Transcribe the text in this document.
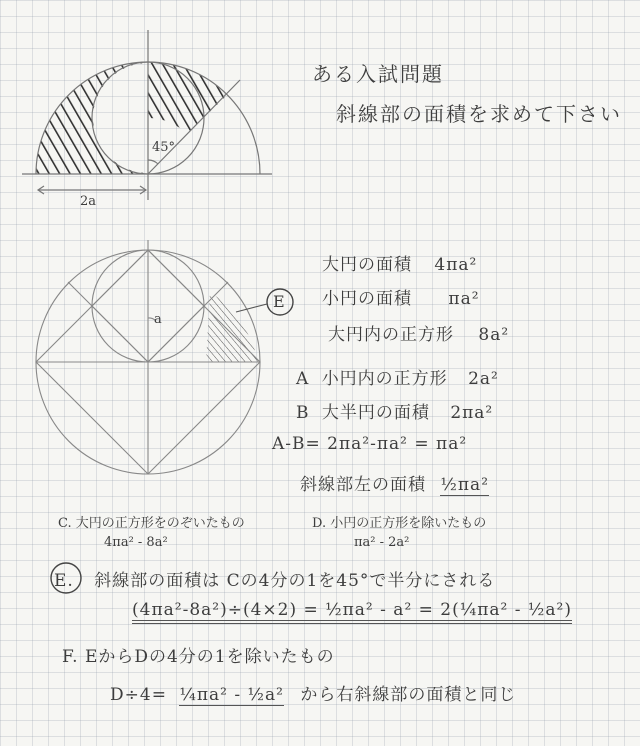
ある入試問題
斜線部の面積を求めて下さい
45°
2a
a
E
大円の面積 4πa²
小円の面積 πa²
大円内の正方形 8a²
A 小円内の正方形 2a²
B 大半円の面積 2πa²
A-B= 2πa²-πa² = πa²
斜線部左の面積 ½πa²
C. 大円の正方形をのぞいたもの
4πa² - 8a²
D. 小円の正方形を除いたもの
πa² - 2a²
E. 斜線部の面積は Cの4分の1を45°で半分にされる
(4πa²-8a²)÷(4×2) = ½πa² - a² = 2(¼πa² - ½a²)
F. EからDの4分の1を除いたもの
D÷4= ¼πa² - ½a² から右斜線部の面積と同じ
